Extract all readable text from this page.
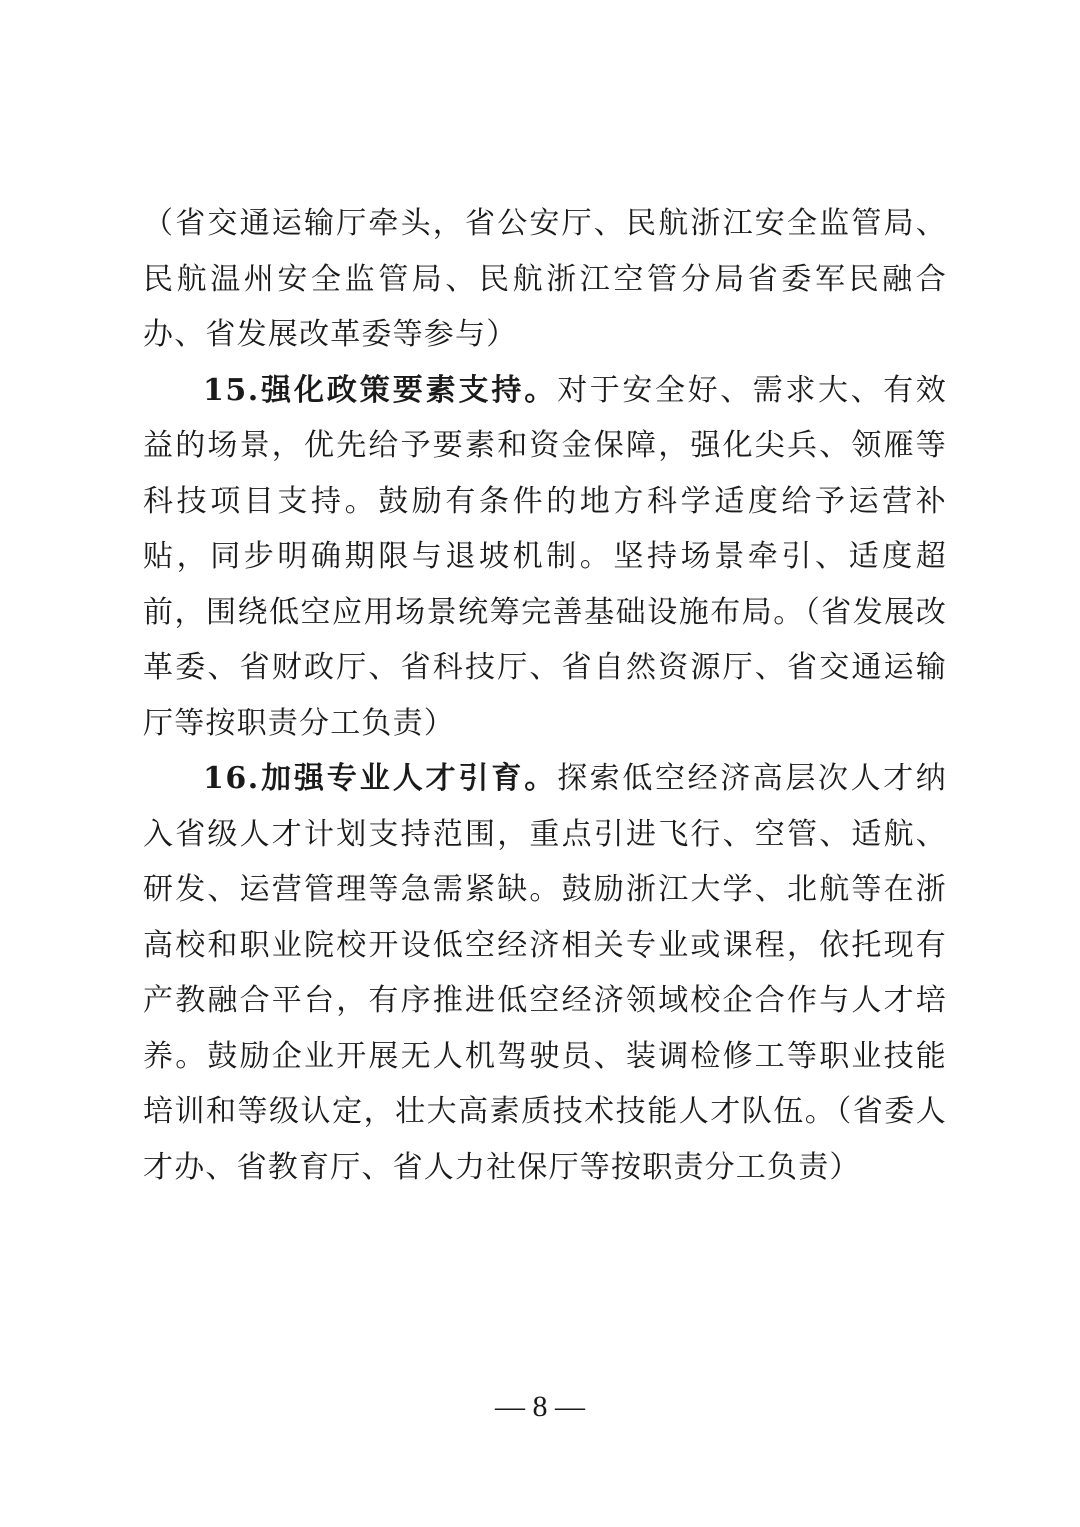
（省交通运输厅牵头，省公安厅、民航浙江安全监管局、民航温州安全监管局、民航浙江空管分局省委军民融合办、省发展改革委等参与）

15.强化政策要素支持。对于安全好、需求大、有效益的场景，优先给予要素和资金保障，强化尖兵、领雁等科技项目支持。鼓励有条件的地方科学适度给予运营补贴，同步明确期限与退坡机制。坚持场景牵引、适度超前，围绕低空应用场景统筹完善基础设施布局。（省发展改革委、省财政厅、省科技厅、省自然资源厅、省交通运输厅等按职责分工负责）

16.加强专业人才引育。探索低空经济高层次人才纳入省级人才计划支持范围，重点引进飞行、空管、适航、研发、运营管理等急需紧缺。鼓励浙江大学、北航等在浙高校和职业院校开设低空经济相关专业或课程，依托现有产教融合平台，有序推进低空经济领域校企合作与人才培养。鼓励企业开展无人机驾驶员、装调检修工等职业技能培训和等级认定，壮大高素质技术技能人才队伍。（省委人才办、省教育厅、省人力社保厅等按职责分工负责）

— 8 —
